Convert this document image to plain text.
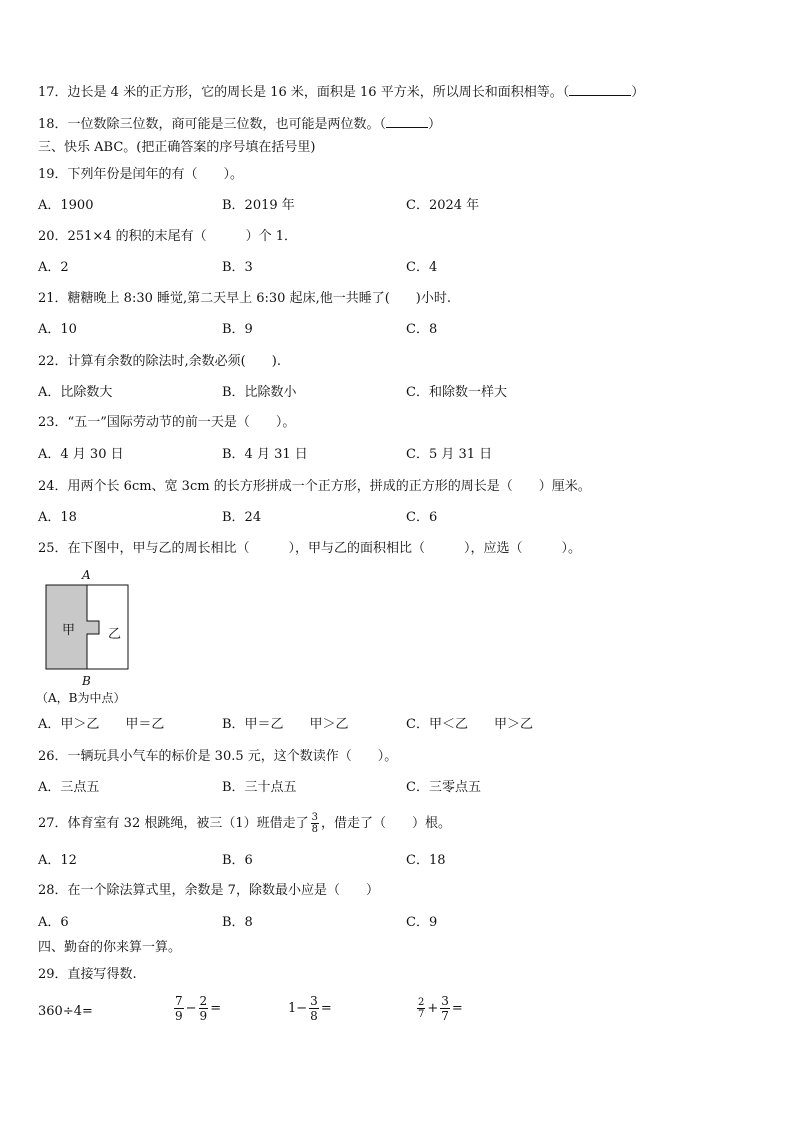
17．边长是 4 米的正方形，它的周长是 16 米，面积是 16 平方米，所以周长和面积相等。（	）
18．一位数除三位数，商可能是三位数，也可能是两位数。（	）
三、快乐 ABC。(把正确答案的序号填在括号里)
19．下列年份是闰年的有（　　）。
A．1900	B．2019 年	C．2024 年
20．251×4 的积的末尾有（　　　）个 1．
A．2	B．3	C．4
21．糖糖晚上 8:30 睡觉,第二天早上 6:30 起床,他一共睡了(　　)小时.
A．10	B．9	C．8
22．计算有余数的除法时,余数必须(　　).
A．比除数大	B．比除数小	C．和除数一样大
23．“五一”国际劳动节的前一天是（　　）。
A．4 月 30 日	B．4 月 31 日	C．5 月 31 日
24．用两个长 6cm、宽 3cm 的长方形拼成一个正方形，拼成的正方形的周长是（　　）厘米。
A．18	B．24	C．6
25．在下图中，甲与乙的周长相比（　　　），甲与乙的面积相比（　　　），应选（　　　）。
A
甲	乙
B
（A，B为中点）
A．甲＞乙　　甲＝乙	B．甲＝乙　　甲＞乙	C．甲＜乙　　甲＞乙
26．一辆玩具小气车的标价是 30.5 元，这个数读作（　　）。
A．三点五	B．三十点五	C．三零点五
27．体育室有 32 根跳绳，被三（1）班借走了 $\frac{3}{8}$ ，借走了（　　）根。
A．12	B．6	C．18
28．在一个除法算式里，余数是 7，除数最小应是（　　）
A．6	B．8	C．9
四、勤奋的你来算一算。
29．直接写得数.
360÷4=	$\frac{7}{9} - \frac{2}{9}$ =	$1- \frac{3}{8}$ =	$\frac{2}{7} + \frac{3}{7}$ =
